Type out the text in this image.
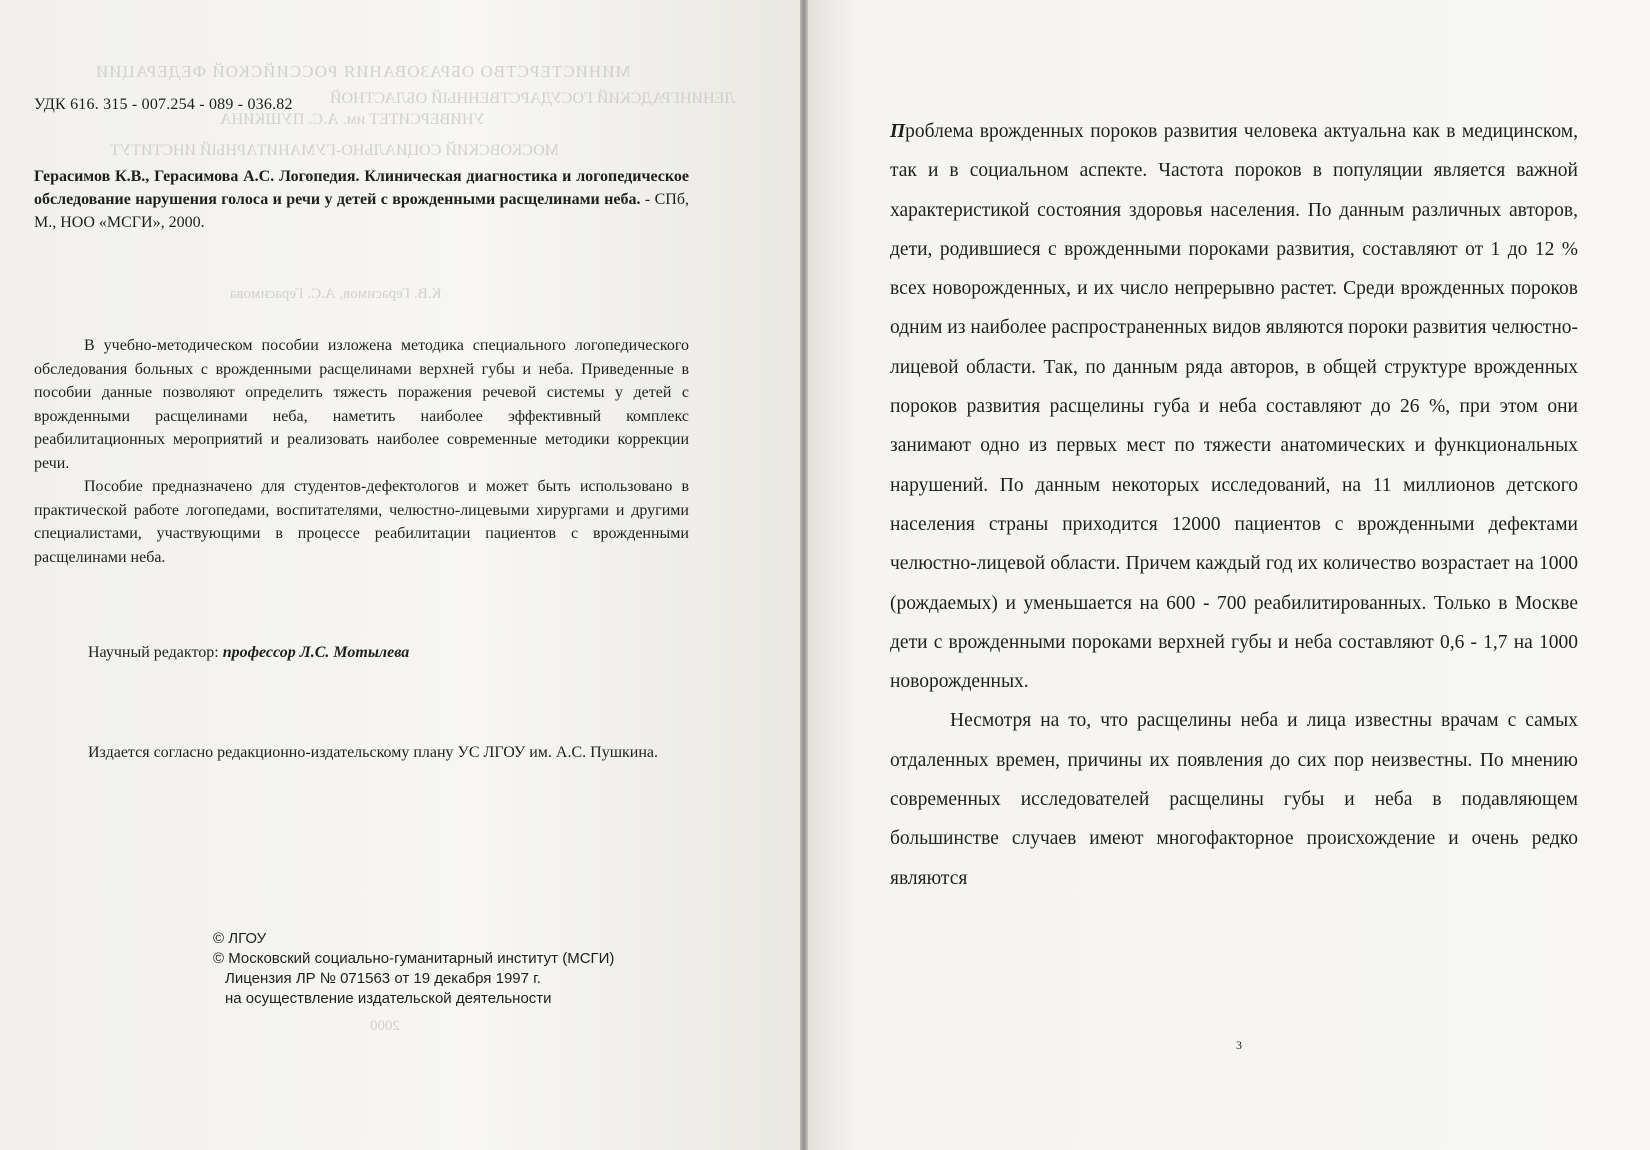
МИНИСТЕРСТВО ОБРАЗОВАНИЯ РОССИЙСКОЙ ФЕДЕРАЦИИ
ЛЕНИНГРАДСКИЙ ГОСУДАРСТВЕННЫЙ ОБЛАСТНОЙ
УНИВЕРСИТЕТ им. А.С. ПУШКИНА
МОСКОВСКИЙ СОЦИАЛЬНО-ГУМАНИТАРНЫЙ ИНСТИТУТ
К.В. Герасимов, А.С. Герасимова
2000
УДК 616. 315 - 007.254 - 089 - 036.82
Герасимов К.В., Герасимова А.С. Логопедия. Клиническая диагностика и логопедическое обследование нарушения голоса и речи у детей с врожденными расщелинами неба. - СПб, М., НОО «МСГИ», 2000.

В учебно-методическом пособии изложена методика специального логопедического обследования больных с врожденными расщелинами верхней губы и неба. Приведенные в пособии данные позволяют определить тяжесть поражения речевой системы у детей с врожденными расщелинами неба, наметить наиболее эффективный комплекс реабилитационных мероприятий и реализовать наиболее современные методики коррекции речи.

Пособие предназначено для студентов-дефектологов и может быть использовано в практической работе логопедами, воспитателями, челюстно-лицевыми хирургами и другими специалистами, участвующими в процессе реабилитации пациентов с врожденными расщелинами неба.

Научный редактор: профессор Л.С. Мотылева
Издается согласно редакционно-издательскому плану УС ЛГОУ им. А.С. Пушкина.
© ЛГОУ
© Московский социально-гуманитарный институт (МСГИ)
Лицензия ЛР № 071563 от 19 декабря 1997 г.
на осуществление издательской деятельности

Проблема врожденных пороков развития человека актуальна как в медицинском, так и в социальном аспекте. Частота пороков в популяции является важной характеристикой состояния здоровья населения. По данным различных авторов, дети, родившиеся с врожденными пороками развития, составляют от 1 до 12 % всех новорожденных, и их число непрерывно растет. Среди врожденных пороков одним из наиболее распространенных видов являются пороки развития челюстно-лицевой области. Так, по данным ряда авторов, в общей структуре врожденных пороков развития расщелины губа и неба составляют до 26 %, при этом они занимают одно из первых мест по тяжести анатомических и функциональных нарушений. По данным некоторых исследований, на 11 миллионов детского населения страны приходится 12000 пациентов с врожденными дефектами челюстно-лицевой области. Причем каждый год их количество возрастает на 1000 (рождаемых) и уменьшается на 600 - 700 реабилитированных. Только в Москве дети с врожденными пороками верхней губы и неба составляют 0,6 - 1,7 на 1000 новорожденных.

Несмотря на то, что расщелины неба и лица известны врачам с самых отдаленных времен, причины их появления до сих пор неизвестны. По мнению современных исследователей расщелины губы и неба в подавляющем большинстве случаев имеют многофакторное происхождение и очень редко являются

3
